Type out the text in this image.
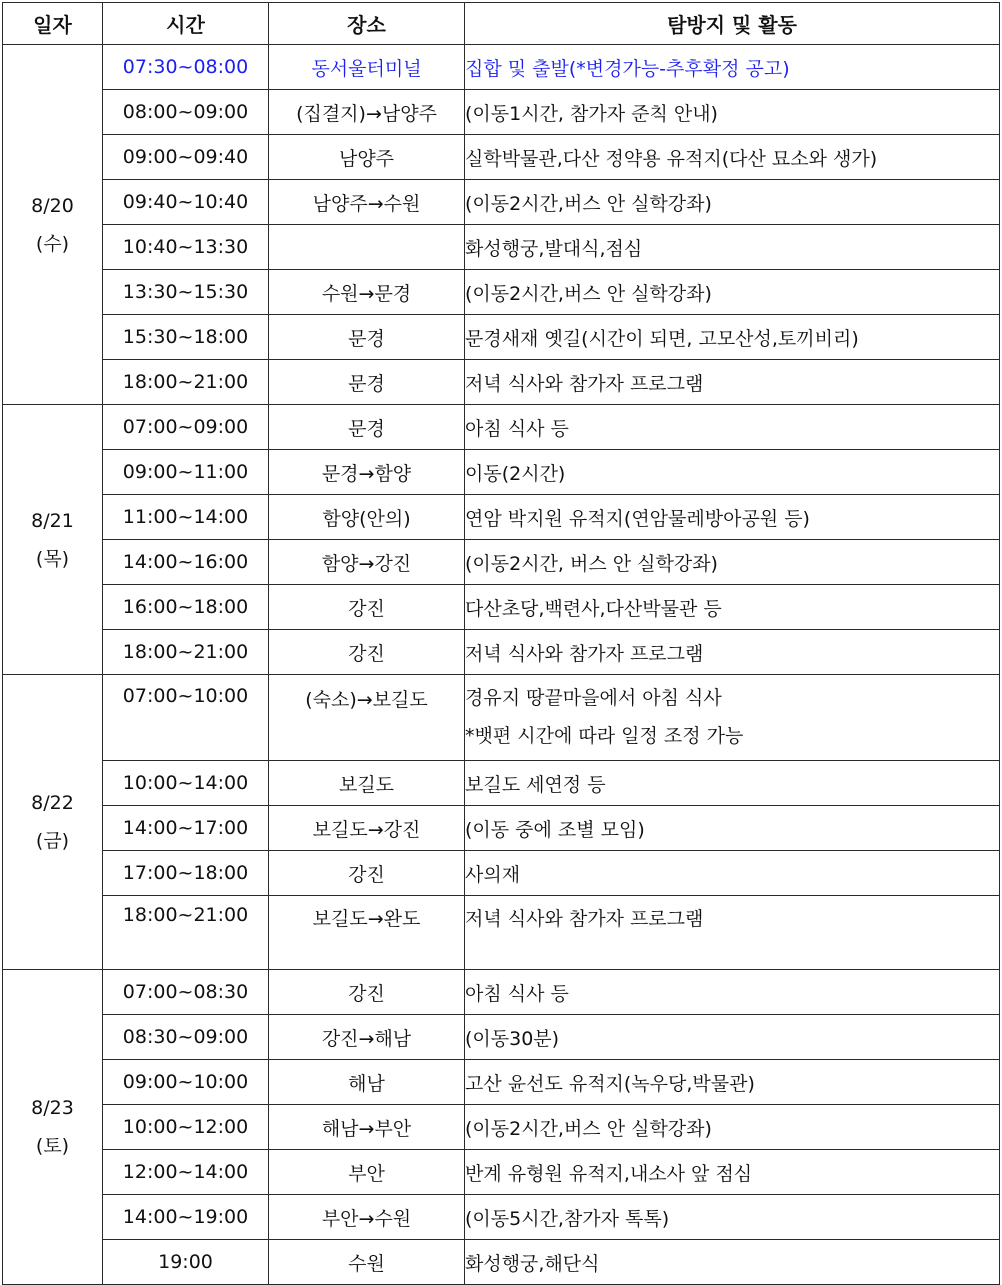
일자	시간	장소	탐방지 및 활동

8/20
(수)	07:30~08:00	동서울터미널	집합 및 출발(*변경가능-추후확정 공고)
	08:00~09:00	(집결지)→남양주	(이동1시간, 참가자 준칙 안내)
	09:00~09:40	남양주	실학박물관,다산 정약용 유적지(다산 묘소와 생가)
	09:40~10:40	남양주→수원	(이동2시간,버스 안 실학강좌)
	10:40~13:30		화성행궁,발대식,점심
	13:30~15:30	수원→문경	(이동2시간,버스 안 실학강좌)
	15:30~18:00	문경	문경새재 옛길(시간이 되면, 고모산성,토끼비리)
	18:00~21:00	문경	저녁 식사와 참가자 프로그램

8/21
(목)	07:00~09:00	문경	아침 식사 등
	09:00~11:00	문경→함양	이동(2시간)
	11:00~14:00	함양(안의)	연암 박지원 유적지(연암물레방아공원 등)
	14:00~16:00	함양→강진	(이동2시간, 버스 안 실학강좌)
	16:00~18:00	강진	다산초당,백련사,다산박물관 등
	18:00~21:00	강진	저녁 식사와 참가자 프로그램

8/22
(금)	07:00~10:00	(숙소)→보길도	경유지 땅끝마을에서 아침 식사
*뱃편 시간에 따라 일정 조정 가능

	10:00~14:00	보길도	보길도 세연정 등
	14:00~17:00	보길도→강진	(이동 중에 조별 모임)
	17:00~18:00	강진	사의재
	18:00~21:00	보길도→완도	저녁 식사와 참가자 프로그램

8/23
(토)	07:00~08:30	강진	아침 식사 등
	08:30~09:00	강진→해남	(이동30분)
	09:00~10:00	해남	고산 윤선도 유적지(녹우당,박물관)
	10:00~12:00	해남→부안	(이동2시간,버스 안 실학강좌)
	12:00~14:00	부안	반계 유형원 유적지,내소사 앞 점심
	14:00~19:00	부안→수원	(이동5시간,참가자 톡톡)
	19:00	수원	화성행궁,해단식
